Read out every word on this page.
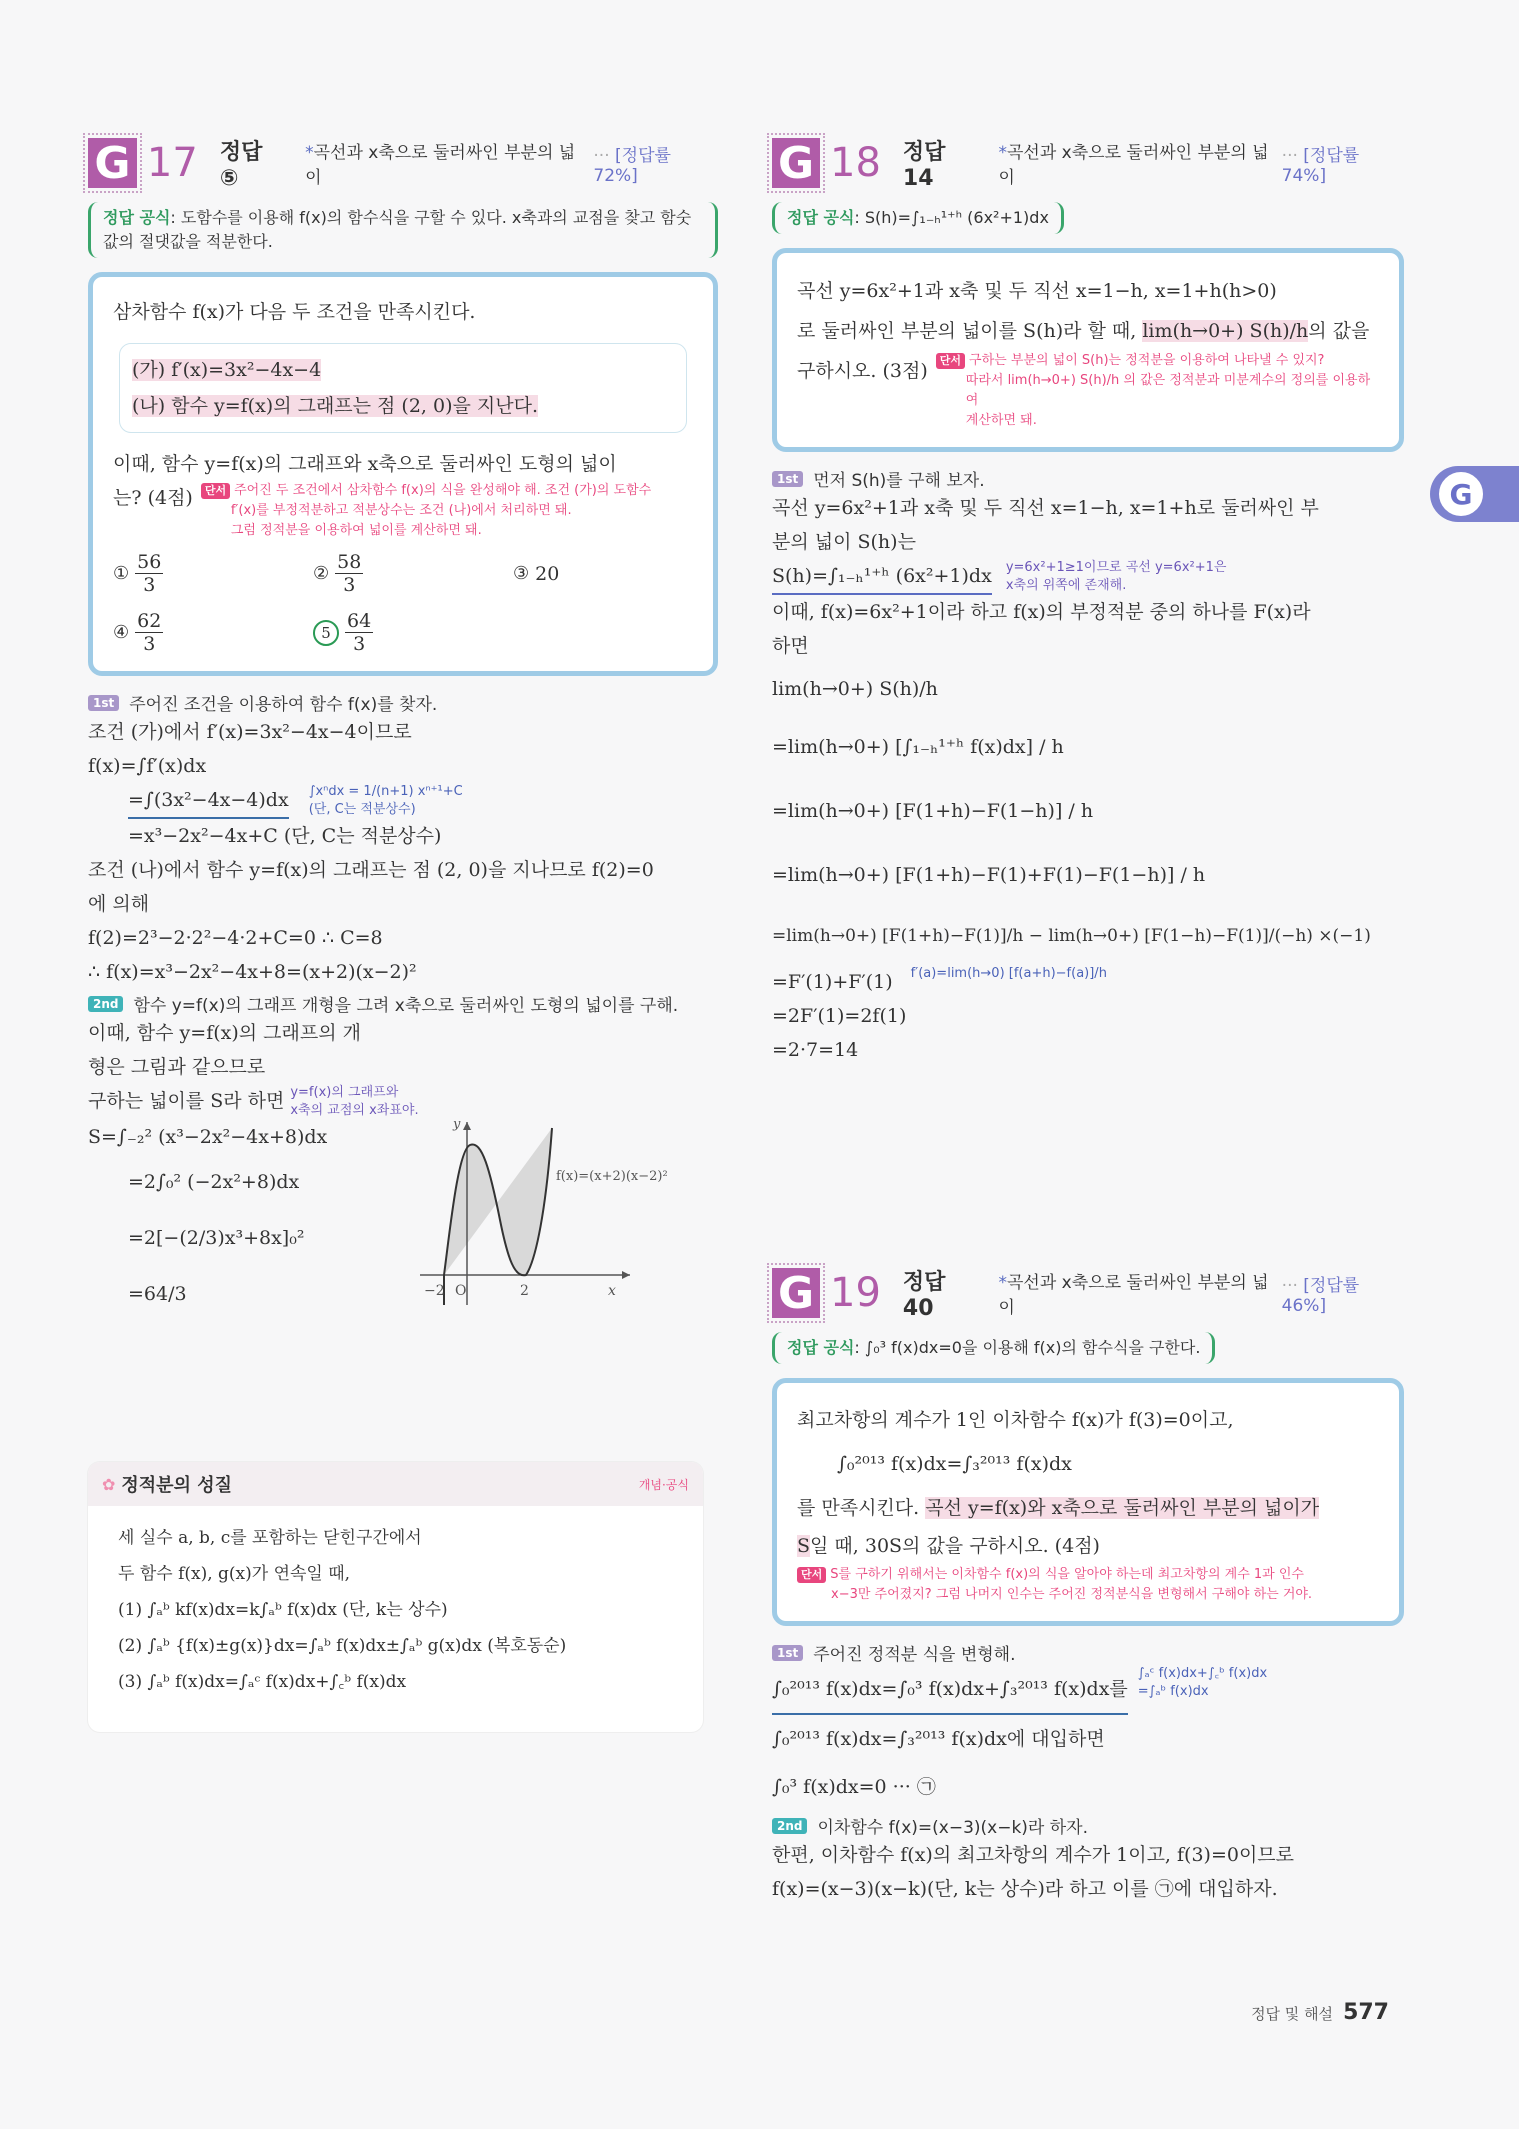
G
G 17 정답 ⑤
*곡선과 x축으로 둘러싸인 부분의 넓이
··· [정답률 72%]
정답 공식: 도함수를 이용해 f(x)의 함수식을 구할 수 있다. x축과의 교점을 찾고 함숫값의 절댓값을 적분한다.
삼차함수 f(x)가 다음 두 조건을 만족시킨다.
(가) f′(x)=3x²−4x−4
(나) 함수 y=f(x)의 그래프는 점 (2, 0)을 지난다.
이때, 함수 y=f(x)의 그래프와 x축으로 둘러싸인 도형의 넓이
는? (4점)	단서 주어진 두 조건에서 삼차함수 f(x)의 식을 완성해야 해. 조건 (가)의 도함수
f′(x)를 부정적분하고 적분상수는 조건 (나)에서 처리하면 돼.
그럼 정적분을 이용하여 넓이를 계산하면 돼.
① $\frac{56}{3}$	② $\frac{58}{3}$	③ 20
④ $\frac{62}{3}$	5
$\frac{64}{3}$
1st 주어진 조건을 이용하여 함수 f(x)를 찾자.
조건 (가)에서 f′(x)=3x²−4x−4이므로
f(x)=∫f′(x)dx
=∫(3x²−4x−4)dx ∫xⁿdx = 1/(n+1) xⁿ⁺¹+C
(단, C는 적분상수)
=x³−2x²−4x+C (단, C는 적분상수)
조건 (나)에서 함수 y=f(x)의 그래프는 점 (2, 0)을 지나므로 f(2)=0
에 의해
f(2)=2³−2·2²−4·2+C=0 ∴ C=8
∴ f(x)=x³−2x²−4x+8=(x+2)(x−2)²
2nd 함수 y=f(x)의 그래프 개형을 그려 x축으로 둘러싸인 도형의 넓이를 구해.
이때, 함수 y=f(x)의 그래프의 개
형은 그림과 같으므로
구하는 넓이를 S라 하면 y=f(x)의 그래프와
x축의 교점의 x좌표야.
S=∫₋₂² (x³−2x²−4x+8)dx
=2∫₀² (−2x²+8)dx
=2[−(2/3)x³+8x]₀²
=64/3	−2 O	2	x
y
f(x)=(x+2)(x−2)²
✿ 정적분의 성질	개념·공식
세 실수 a, b, c를 포함하는 닫힌구간에서
두 함수 f(x), g(x)가 연속일 때,
(1) ∫ₐᵇ kf(x)dx=k∫ₐᵇ f(x)dx (단, k는 상수)
(2) ∫ₐᵇ {f(x)±g(x)}dx=∫ₐᵇ f(x)dx±∫ₐᵇ g(x)dx (복호동순)
(3) ∫ₐᵇ f(x)dx=∫ₐᶜ f(x)dx+∫꜀ᵇ f(x)dx
G 18 정답 14
*곡선과 x축으로 둘러싸인 부분의 넓이
··· [정답률 74%]
정답 공식: S(h)=∫₁₋ₕ¹⁺ʰ (6x²+1)dx
곡선 y=6x²+1과 x축 및 두 직선 x=1−h, x=1+h(h>0)
로 둘러싸인 부분의 넓이를 S(h)라 할 때, lim(h→0+) S(h)/h의 값을
구하시오. (3점)	단서 구하는 부분의 넓이 S(h)는 정적분을 이용하여 나타낼 수 있지?
따라서 lim(h→0+) S(h)/h 의 값은 정적분과 미분계수의 정의를 이용하여
계산하면 돼.
1st 먼저 S(h)를 구해 보자.
곡선 y=6x²+1과 x축 및 두 직선 x=1−h, x=1+h로 둘러싸인 부
분의 넓이 S(h)는
S(h)=∫₁₋ₕ¹⁺ʰ (6x²+1)dx y=6x²+1≥1이므로 곡선 y=6x²+1은
x축의 위쪽에 존재해.
이때, f(x)=6x²+1이라 하고 f(x)의 부정적분 중의 하나를 F(x)라
하면
lim(h→0+) S(h)/h
=lim(h→0+) [∫₁₋ₕ¹⁺ʰ f(x)dx] / h
=lim(h→0+) [F(1+h)−F(1−h)] / h
=lim(h→0+) [F(1+h)−F(1)+F(1)−F(1−h)] / h
=lim(h→0+) [F(1+h)−F(1)]/h − lim(h→0+) [F(1−h)−F(1)]/(−h) ×(−1)
=F′(1)+F′(1) f′(a)=lim(h→0) [f(a+h)−f(a)]/h
=2F′(1)=2f(1)
=2·7=14
G 19 정답 40
*곡선과 x축으로 둘러싸인 부분의 넓이
··· [정답률 46%]
정답 공식: ∫₀³ f(x)dx=0을 이용해 f(x)의 함수식을 구한다.
최고차항의 계수가 1인 이차함수 f(x)가 f(3)=0이고,
∫₀²⁰¹³ f(x)dx=∫₃²⁰¹³ f(x)dx
를 만족시킨다. 곡선 y=f(x)와 x축으로 둘러싸인 부분의 넓이가
S일 때, 30S의 값을 구하시오. (4점)
단서 S를 구하기 위해서는 이차함수 f(x)의 식을 알아야 하는데 최고차항의 계수 1과 인수
x−3만 주어졌지? 그럼 나머지 인수는 주어진 정적분식을 변형해서 구해야 하는 거야.
1st 주어진 정적분 식을 변형해.
∫₀²⁰¹³ f(x)dx=∫₀³ f(x)dx+∫₃²⁰¹³ f(x)dx를
∫ₐᶜ f(x)dx+∫꜀ᵇ f(x)dx
=∫ₐᵇ f(x)dx
∫₀²⁰¹³ f(x)dx=∫₃²⁰¹³ f(x)dx에 대입하면
∫₀³ f(x)dx=0 ··· ㉠
2nd 이차함수 f(x)=(x−3)(x−k)라 하자.
한편, 이차함수 f(x)의 최고차항의 계수가 1이고, f(3)=0이므로
f(x)=(x−3)(x−k)(단, k는 상수)라 하고 이를 ㉠에 대입하자.
정답 및 해설 577
